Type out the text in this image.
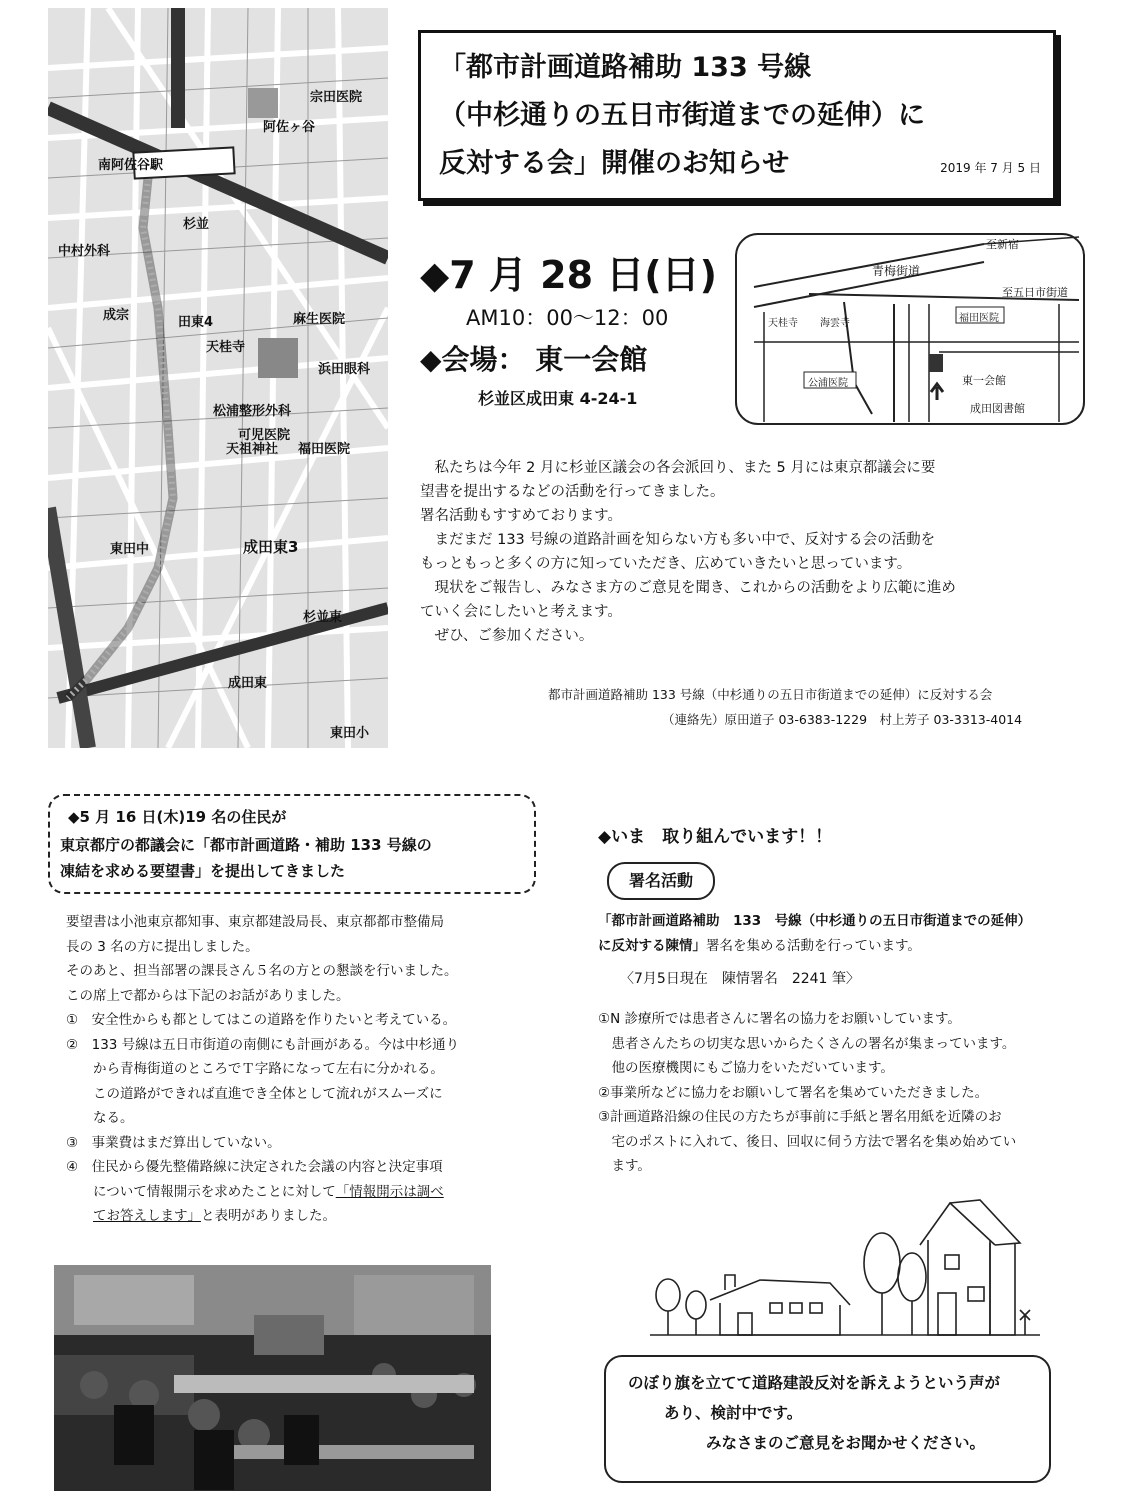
南阿佐谷駅
阿佐ヶ谷
杉並
中村外科
成宗	田東4
天桂寺
麻生医院
浜田眼科
松浦整形外科
可児医院
天祖神社 福田医院
東田中	成田東3
杉並東
成田東
東田小
宗田医院
「都市計画道路補助 133 号線
（中杉通りの五日市街道までの延伸）に
反対する会」開催のお知らせ	2019 年 7 月 5 日
◆7 月 28 日(日)
AM10：00～12：00
◆会場： 東一会館
杉並区成田東 4-24-1
至新宿
青梅街道
至五日市街道
天桂寺 海雲寺	福田医院
公浦医院	東一会館
成田図書館
　私たちは今年 2 月に杉並区議会の各会派回り、また 5 月には東京都議会に要
望書を提出するなどの活動を行ってきました。
署名活動もすすめております。
　まだまだ 133 号線の道路計画を知らない方も多い中で、反対する会の活動を
もっともっと多くの方に知っていただき、広めていきたいと思っています。
　現状をご報告し、みなさま方のご意見を聞き、これからの活動をより広範に進め
ていく会にしたいと考えます。
　ぜひ、ご参加ください。
都市計画道路補助 133 号線（中杉通りの五日市街道までの延伸）に反対する会
（連絡先）原田道子 03-6383-1229　村上芳子 03-3313-4014
◆5 月 16 日(木)19 名の住民が
東京都庁の都議会に「都市計画道路・補助 133 号線の
凍結を求める要望書」を提出してきました
要望書は小池東京都知事、東京都建設局長、東京都都市整備局
長の 3 名の方に提出しました。
そのあと、担当部署の課長さん５名の方との懇談を行いました。
この席上で都からは下記のお話がありました。
①　安全性からも都としてはこの道路を作りたいと考えている。
②　133 号線は五日市街道の南側にも計画がある。今は中杉通り
　　から青梅街道のところでＴ字路になって左右に分かれる。
　　この道路ができれば直進でき全体として流れがスムーズに
　　なる。
③　事業費はまだ算出していない。
④　住民から優先整備路線に決定された会議の内容と決定事項
　　について情報開示を求めたことに対して「情報開示は調べ
　　てお答えします」と表明がありました。
◆いま　取り組んでいます！！
署名活動
「都市計画道路補助　133　号線（中杉通りの五日市街道までの延伸）
に反対する陳情」署名を集める活動を行っています。
〈7月5日現在　陳情署名　2241 筆〉
①N 診療所では患者さんに署名の協力をお願いしています。
　患者さんたちの切実な思いからたくさんの署名が集まっています。
　他の医療機関にもご協力をいただいています。
②事業所などに協力をお願いして署名を集めていただきました。
③計画道路沿線の住民の方たちが事前に手紙と署名用紙を近隣のお
　宅のポストに入れて、後日、回収に伺う方法で署名を集め始めてい
　ます。
のぼり旗を立てて道路建設反対を訴えようという声が
あり、検討中です。
みなさまのご意見をお聞かせください。
